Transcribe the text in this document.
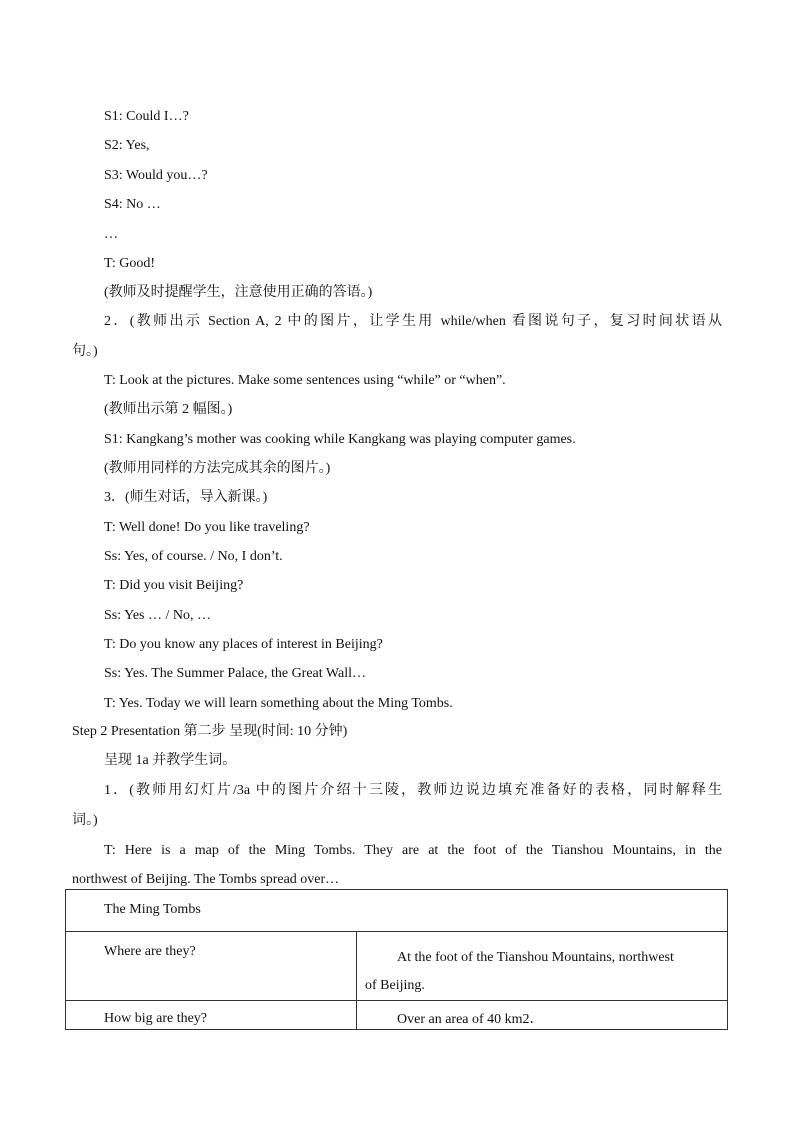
S1: Could I…?
S2: Yes,
S3: Would you…?
S4: No …
…
T: Good!
(教师及时提醒学生，注意使用正确的答语。)
2．(教师出示 Section A, 2 中的图片，让学生用 while/when 看图说句子，复习时间状语从
句。)
T: Look at the pictures. Make some sentences using “while” or “when”.
(教师出示第 2 幅图。)
S1: Kangkang’s mother was cooking while Kangkang was playing computer games.
(教师用同样的方法完成其余的图片。)
3．(师生对话，导入新课。)
T: Well done! Do you like traveling?
Ss: Yes, of course. / No, I don’t.
T: Did you visit Beijing?
Ss: Yes … / No, …
T: Do you know any places of interest in Beijing?
Ss: Yes. The Summer Palace, the Great Wall…
T: Yes. Today we will learn something about the Ming Tombs.
Step 2 Presentation 第二步 呈现(时间: 10 分钟)
呈现 1a 并教学生词。
1．(教师用幻灯片/3a 中的图片介绍十三陵，教师边说边填充准备好的表格，同时解释生
词。)
T: Here is a map of the Ming Tombs. They are at the foot of the Tianshou Mountains, in the
northwest of Beijing. The Tombs spread over…
The Ming Tombs	
Where are they?	At the foot of the Tianshou Mountains, northwest
of Beijing.
How big are they?	Over an area of 40 km2．
